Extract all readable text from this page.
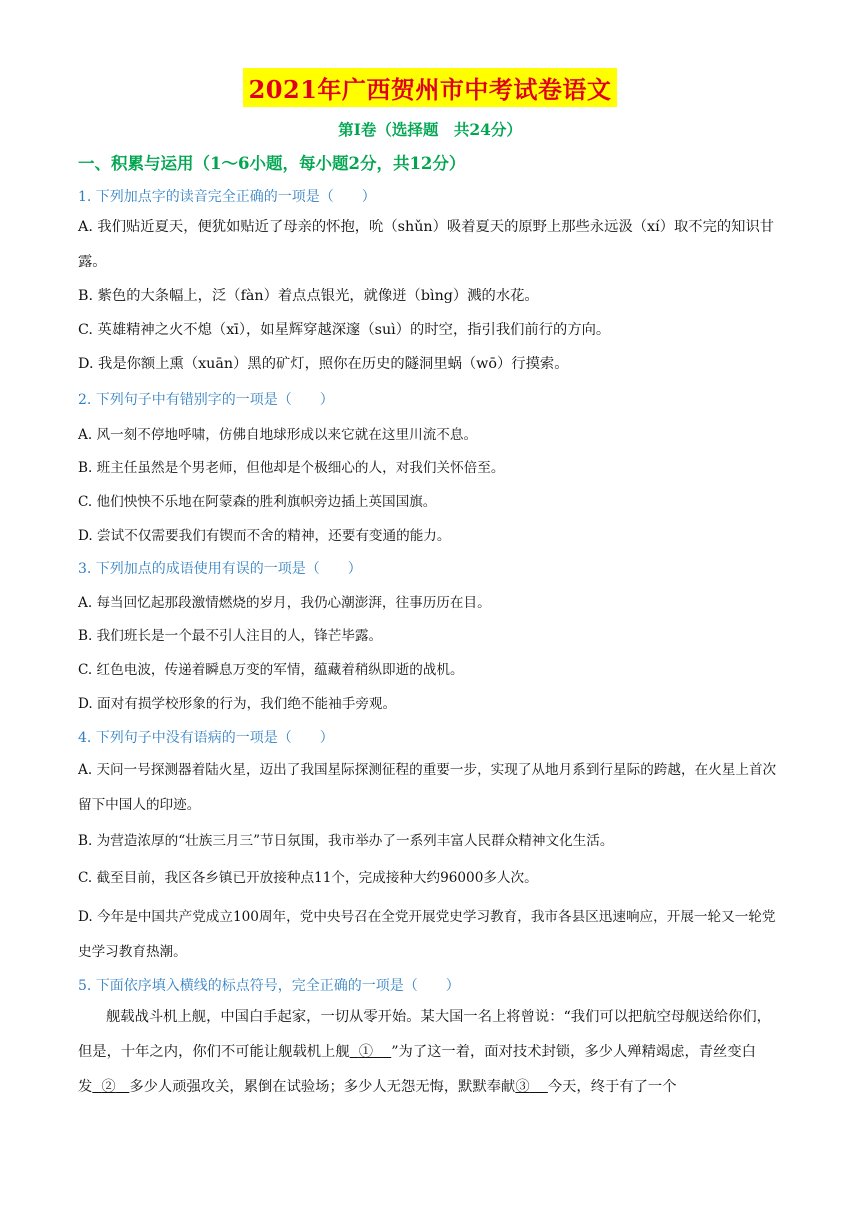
2021年广西贺州市中考试卷语文
第Ⅰ卷（选择题　共24分）
一、积累与运用（1～6小题，每小题2分，共12分）
1. 下列加点字的读音完全正确的一项是（　　）
A. 我们贴近夏天，便犹如贴近了母亲的怀抱，吮（shǔn）吸着夏天的原野上那些永远汲（xí）取不完的知识甘露。
B. 紫色的大条幅上，泛（fàn）着点点银光，就像迸（bìng）溅的水花。
C. 英雄精神之火不熄（xī），如星辉穿越深邃（suì）的时空，指引我们前行的方向。
D. 我是你额上熏（xuān）黑的矿灯，照你在历史的隧洞里蜗（wō）行摸索。
2. 下列句子中有错别字的一项是（　　）
A. 风一刻不停地呼啸，仿佛自地球形成以来它就在这里川流不息。
B. 班主任虽然是个男老师，但他却是个极细心的人，对我们关怀倍至。
C. 他们怏怏不乐地在阿蒙森的胜利旗帜旁边插上英国国旗。
D. 尝试不仅需要我们有锲而不舍的精神，还要有变通的能力。
3. 下列加点的成语使用有误的一项是（　　）
A. 每当回忆起那段激情燃烧的岁月，我仍心潮澎湃，往事历历在目。
B. 我们班长是一个最不引人注目的人，锋芒毕露。
C. 红色电波，传递着瞬息万变的军情，蕴藏着稍纵即逝的战机。
D. 面对有损学校形象的行为，我们绝不能袖手旁观。
4. 下列句子中没有语病的一项是（　　）
A. 天问一号探测器着陆火星，迈出了我国星际探测征程的重要一步，实现了从地月系到行星际的跨越，在火星上首次留下中国人的印迹。
B. 为营造浓厚的“壮族三月三”节日氛围，我市举办了一系列丰富人民群众精神文化生活。
C. 截至目前，我区各乡镇已开放接种点11个，完成接种大约96000多人次。
D. 今年是中国共产党成立100周年，党中央号召在全党开展党史学习教育，我市各县区迅速响应，开展一轮又一轮党史学习教育热潮。
5. 下面依序填入横线的标点符号，完全正确的一项是（　　）
舰载战斗机上舰，中国白手起家，一切从零开始。某大国一名上将曾说：“我们可以把航空母舰送给你们，但是，十年之内，你们不可能让舰载机上舰 ① ”为了这一着，面对技术封锁，多少人殚精竭虑，青丝变白发 ② 多少人顽强攻关，累倒在试验场；多少人无怨无悔，默默奉献③ 今天，终于有了一个
